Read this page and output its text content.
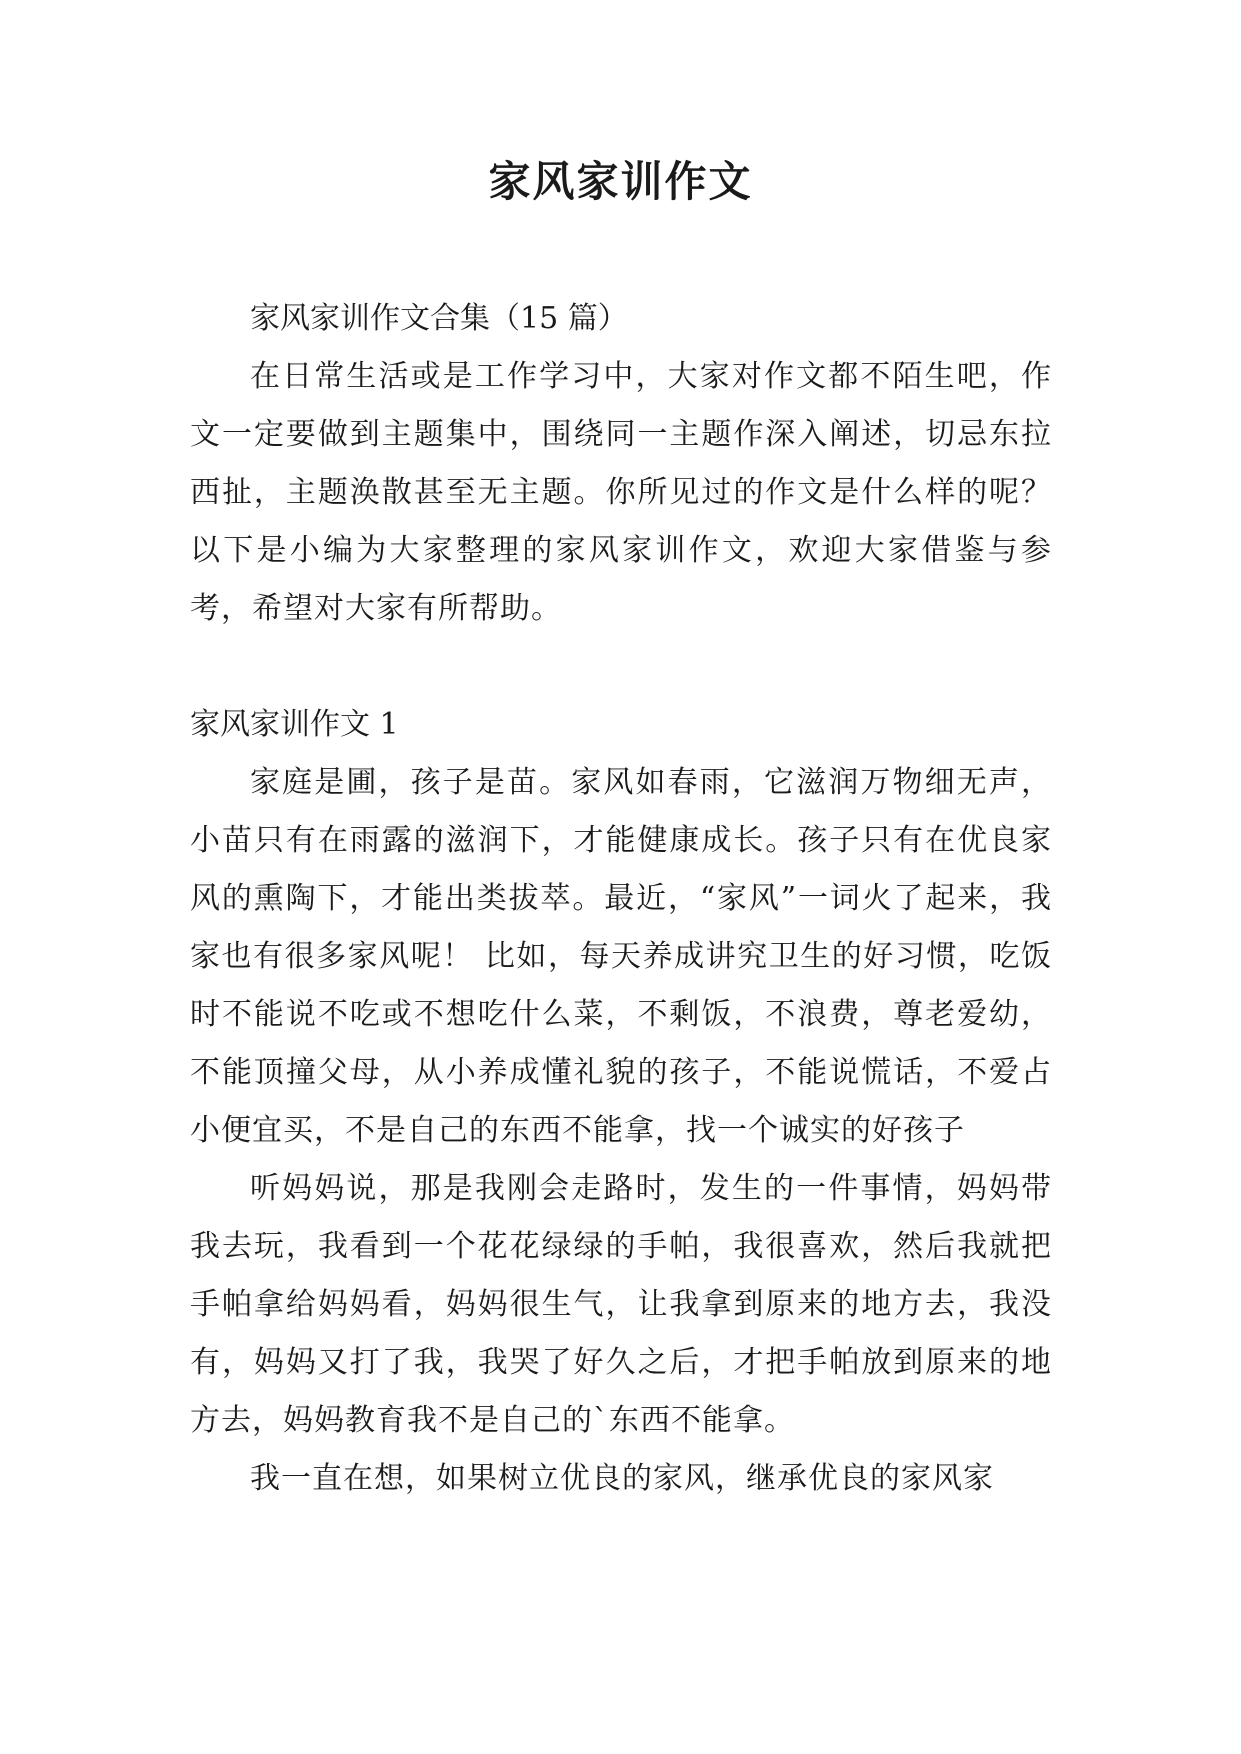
家风家训作文

家风家训作文合集（15 篇）

在日常生活或是工作学习中，大家对作文都不陌生吧，作文一定要做到主题集中，围绕同一主题作深入阐述，切忌东拉西扯，主题涣散甚至无主题。你所见过的作文是什么样的呢？以下是小编为大家整理的家风家训作文，欢迎大家借鉴与参考，希望对大家有所帮助。

家风家训作文 1

家庭是圃，孩子是苗。家风如春雨，它滋润万物细无声，小苗只有在雨露的滋润下，才能健康成长。孩子只有在优良家风的熏陶下，才能出类拔萃。最近，“家风”一词火了起来，我家也有很多家风呢！ 比如，每天养成讲究卫生的好习惯，吃饭时不能说不吃或不想吃什么菜，不剩饭，不浪费，尊老爱幼，不能顶撞父母，从小养成懂礼貌的孩子，不能说慌话，不爱占小便宜买，不是自己的东西不能拿，找一个诚实的好孩子

听妈妈说，那是我刚会走路时，发生的一件事情，妈妈带我去玩，我看到一个花花绿绿的手帕，我很喜欢，然后我就把手帕拿给妈妈看，妈妈很生气，让我拿到原来的地方去，我没有，妈妈又打了我，我哭了好久之后，才把手帕放到原来的地方去，妈妈教育我不是自己的`东西不能拿。

我一直在想，如果树立优良的家风，继承优良的家风家
